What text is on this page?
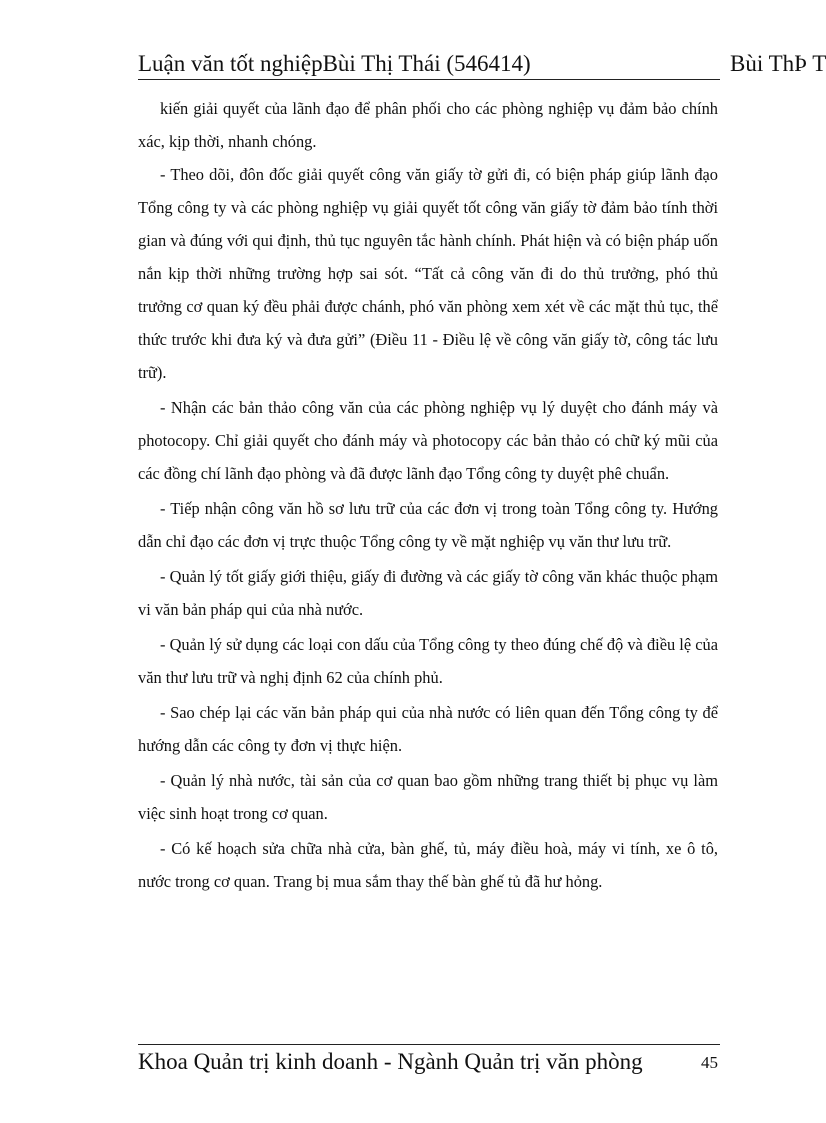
Luận văn tốt nghiệpBùi Thị Thái (546414)	Bùi ThÞ T

kiến giải quyết của lãnh đạo để phân phối cho các phòng nghiệp vụ đảm bảo chính xác, kịp thời, nhanh chóng.

- Theo dõi, đôn đốc giải quyết công văn giấy tờ gửi đi, có biện pháp giúp lãnh đạo Tổng công ty và các phòng nghiệp vụ giải quyết tốt công văn giấy tờ đảm bảo tính thời gian và đúng với qui định, thủ tục nguyên tắc hành chính. Phát hiện và có biện pháp uốn nắn kịp thời những trường hợp sai sót. “Tất cả công văn đi do thủ trưởng, phó thủ trưởng cơ quan ký đều phải được chánh, phó văn phòng xem xét về các mặt thủ tục, thể thức trước khi đưa ký và đưa gửi” (Điều 11 - Điều lệ về công văn giấy tờ, công tác lưu trữ).

- Nhận các bản thảo công văn của các phòng nghiệp vụ lý duyệt cho đánh máy và photocopy. Chỉ giải quyết cho đánh máy và photocopy các bản thảo có chữ ký mũi của các đồng chí lãnh đạo phòng và đã được lãnh đạo Tổng công ty duyệt phê chuẩn.

- Tiếp nhận công văn hồ sơ lưu trữ của các đơn vị trong toàn Tổng công ty. Hướng dẫn chỉ đạo các đơn vị trực thuộc Tổng công ty về mặt nghiệp vụ văn thư lưu trữ.

- Quản lý tốt giấy giới thiệu, giấy đi đường và các giấy tờ công văn khác thuộc phạm vi văn bản pháp qui của nhà nước.

- Quản lý sử dụng các loại con dấu của Tổng công ty theo đúng chế độ và điều lệ của văn thư lưu trữ và nghị định 62 của chính phủ.

- Sao chép lại các văn bản pháp qui của nhà nước có liên quan đến Tổng công ty để hướng dẫn các công ty đơn vị thực hiện.

- Quản lý nhà nước, tài sản của cơ quan bao gồm những trang thiết bị phục vụ làm việc sinh hoạt trong cơ quan.

- Có kế hoạch sửa chữa nhà cửa, bàn ghế, tủ, máy điều hoà, máy vi tính, xe ô tô, nước trong cơ quan. Trang bị mua sắm thay thế bàn ghế tủ đã hư hỏng.

Khoa Quản trị kinh doanh - Ngành Quản trị văn phòng	45
